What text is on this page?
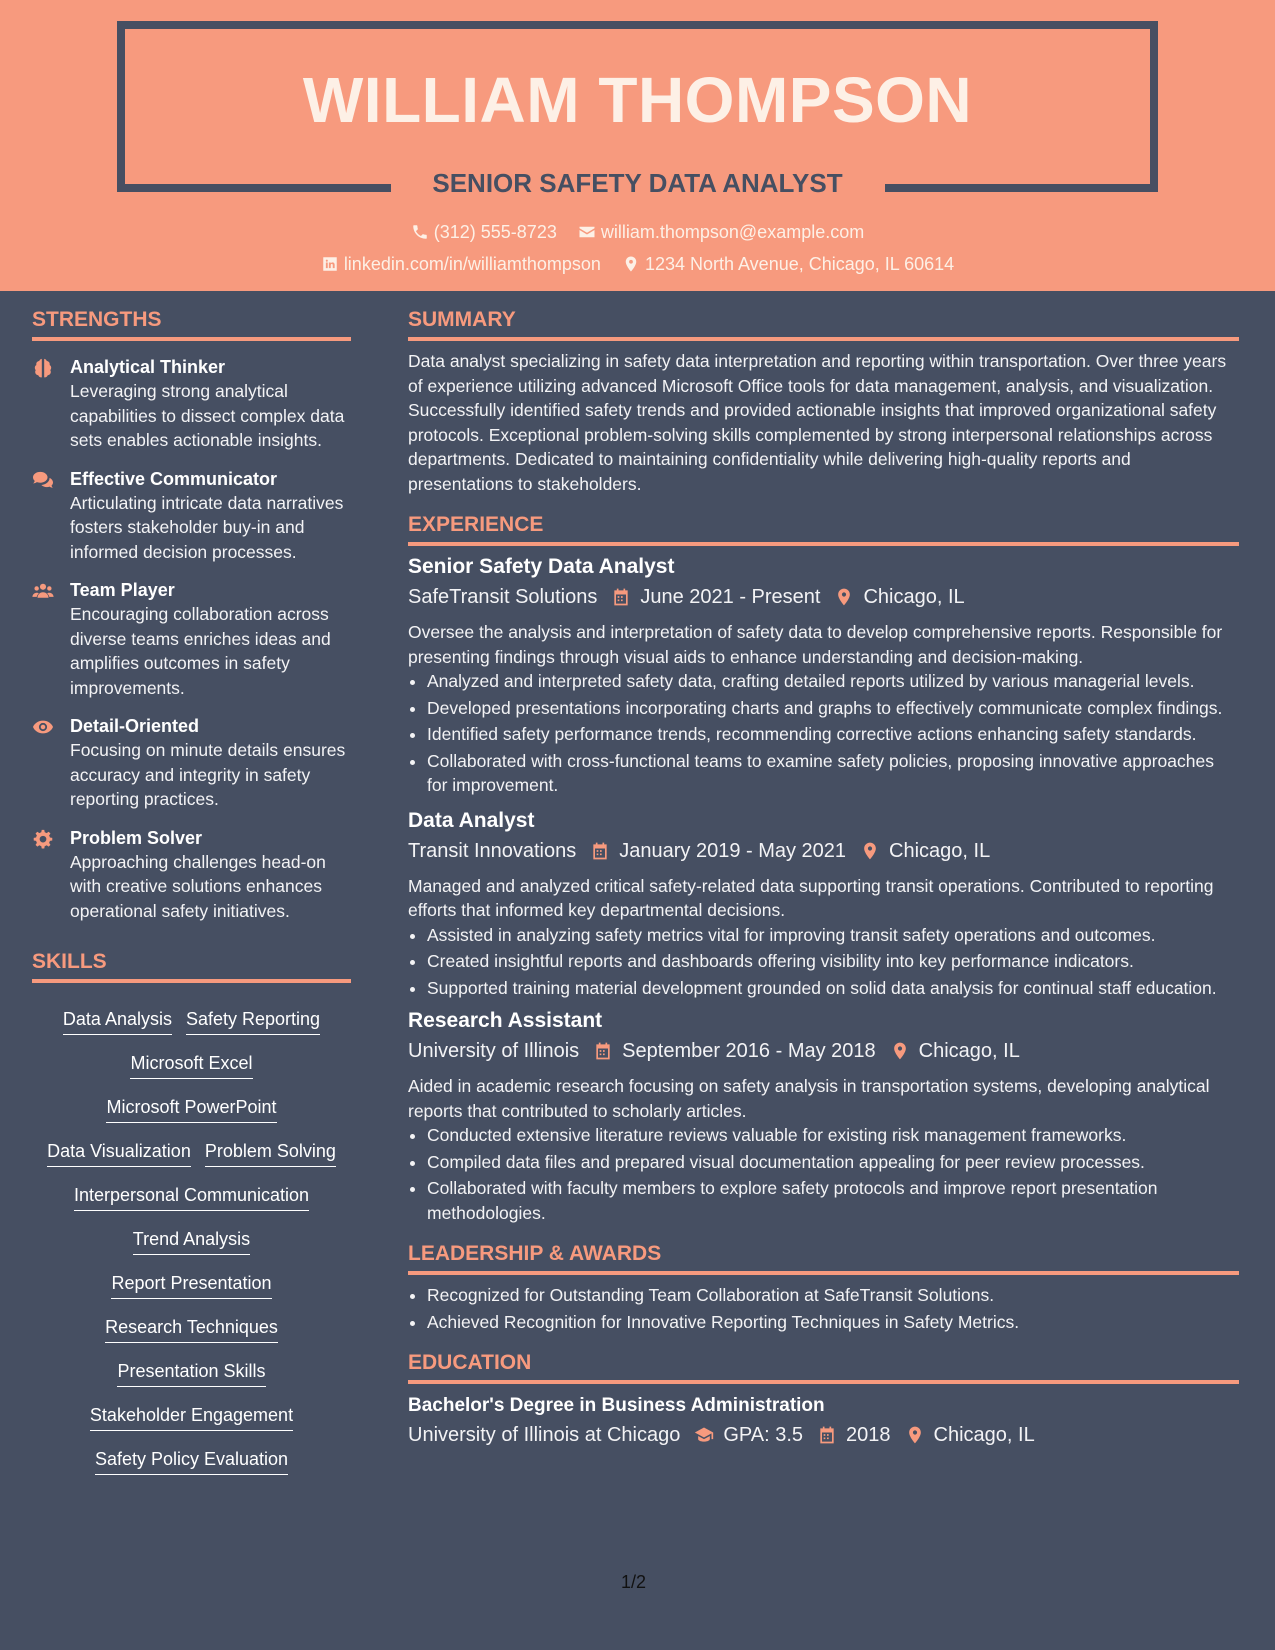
WILLIAM THOMPSON
SENIOR SAFETY DATA ANALYST
(312) 555-8723
william.thompson@example.com
linkedin.com/in/williamthompson
1234 North Avenue, Chicago, IL 60614
STRENGTHS
Analytical Thinker
Leveraging strong analytical capabilities to dissect complex data sets enables actionable insights.
Effective Communicator
Articulating intricate data narratives fosters stakeholder buy-in and informed decision processes.
Team Player
Encouraging collaboration across diverse teams enriches ideas and amplifies outcomes in safety improvements.
Detail-Oriented
Focusing on minute details ensures accuracy and integrity in safety reporting practices.
Problem Solver
Approaching challenges head-on with creative solutions enhances operational safety initiatives.
SKILLS
Data Analysis Safety Reporting
Microsoft Excel
Microsoft PowerPoint
Data Visualization Problem Solving
Interpersonal Communication
Trend Analysis
Report Presentation
Research Techniques
Presentation Skills
Stakeholder Engagement
Safety Policy Evaluation
SUMMARY
Data analyst specializing in safety data interpretation and reporting within transportation. Over three years of experience utilizing advanced Microsoft Office tools for data management, analysis, and visualization. Successfully identified safety trends and provided actionable insights that improved organizational safety protocols. Exceptional problem-solving skills complemented by strong interpersonal relationships across departments. Dedicated to maintaining confidentiality while delivering high-quality reports and presentations to stakeholders.
EXPERIENCE
Senior Safety Data Analyst
SafeTransit Solutions June 2021 - Present Chicago, IL
Oversee the analysis and interpretation of safety data to develop comprehensive reports. Responsible for presenting findings through visual aids to enhance understanding and decision-making.
• Analyzed and interpreted safety data, crafting detailed reports utilized by various managerial levels.
• Developed presentations incorporating charts and graphs to effectively communicate complex findings.
• Identified safety performance trends, recommending corrective actions enhancing safety standards.
• Collaborated with cross-functional teams to examine safety policies, proposing innovative approaches for improvement.
Data Analyst
Transit Innovations January 2019 - May 2021 Chicago, IL
Managed and analyzed critical safety-related data supporting transit operations. Contributed to reporting efforts that informed key departmental decisions.
• Assisted in analyzing safety metrics vital for improving transit safety operations and outcomes.
• Created insightful reports and dashboards offering visibility into key performance indicators.
• Supported training material development grounded on solid data analysis for continual staff education.
Research Assistant
University of Illinois September 2016 - May 2018 Chicago, IL
Aided in academic research focusing on safety analysis in transportation systems, developing analytical reports that contributed to scholarly articles.
• Conducted extensive literature reviews valuable for existing risk management frameworks.
• Compiled data files and prepared visual documentation appealing for peer review processes.
• Collaborated with faculty members to explore safety protocols and improve report presentation methodologies.
LEADERSHIP & AWARDS
• Recognized for Outstanding Team Collaboration at SafeTransit Solutions.
• Achieved Recognition for Innovative Reporting Techniques in Safety Metrics.
EDUCATION
Bachelor's Degree in Business Administration
University of Illinois at Chicago GPA: 3.5 2018 Chicago, IL
1/2
